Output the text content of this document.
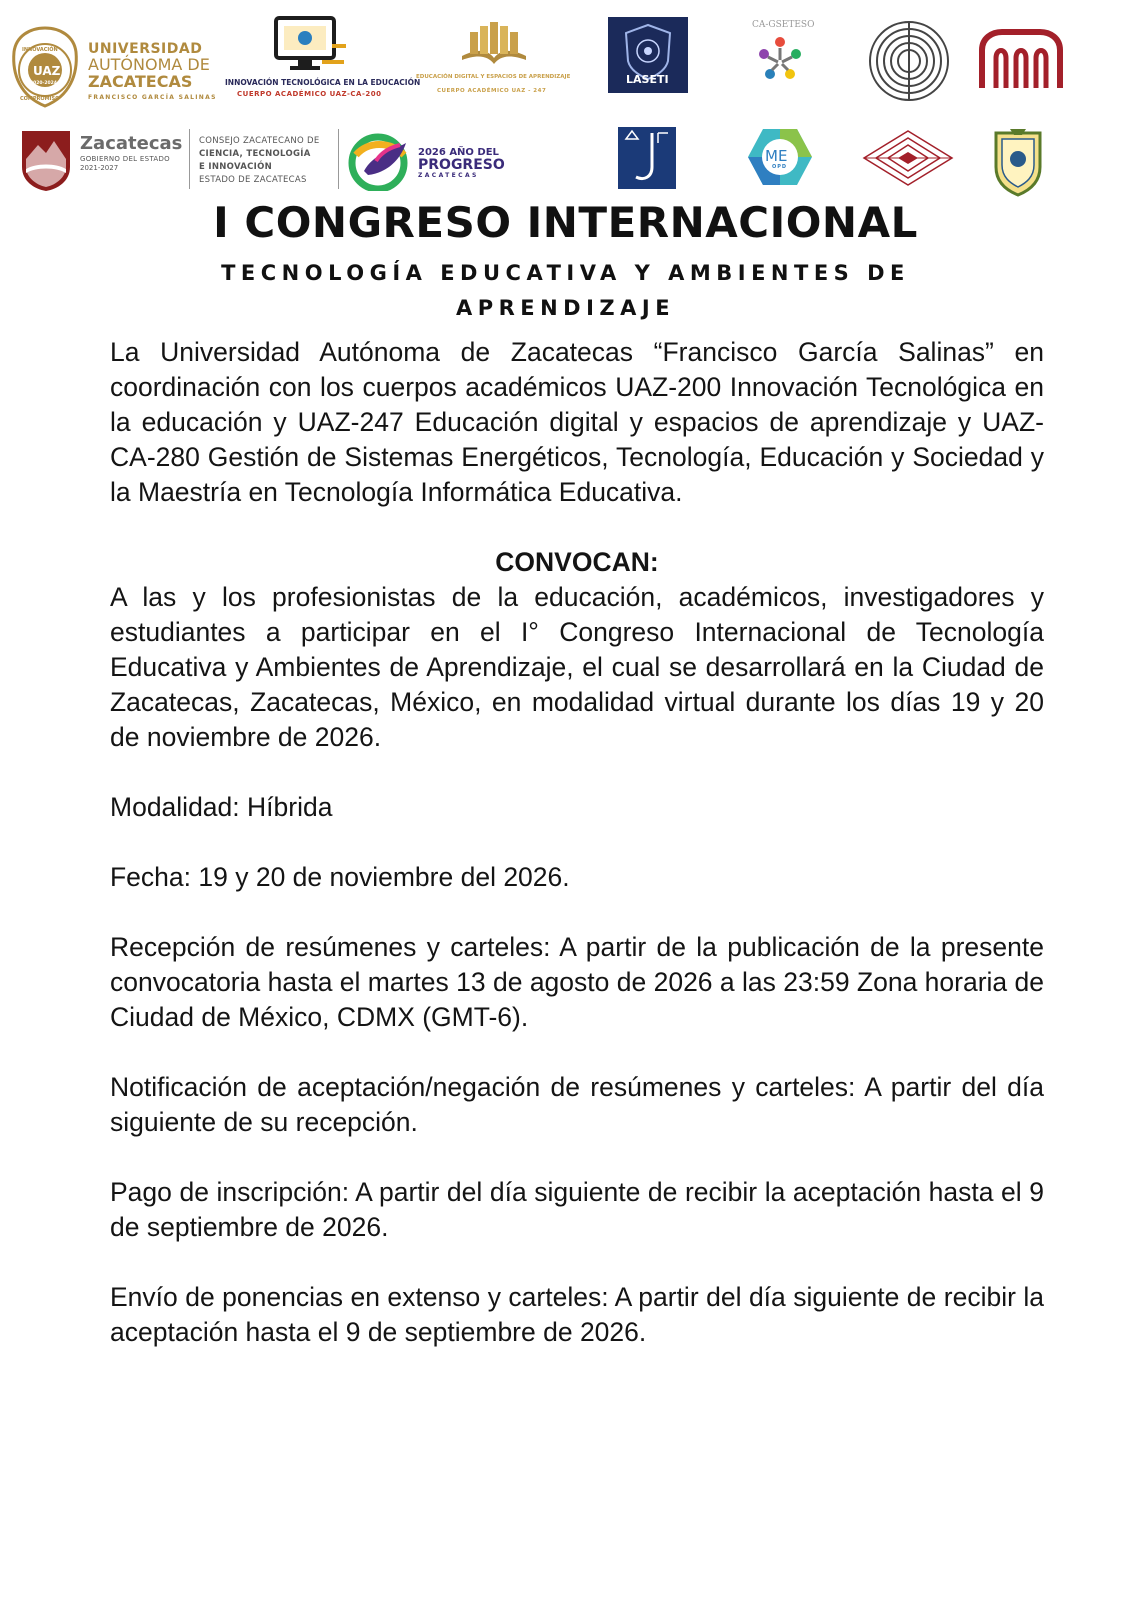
INNOVACIÓN
UAZ
2020-2024
COMPROMISO
UNIVERSIDAD
AUTÓNOMA DE
ZACATECAS
FRANCISCO GARCÍA SALINAS
INNOVACIÓN TECNOLÓGICA EN LA EDUCACIÓN
CUERPO ACADÉMICO UAZ-CA-200
EDUCACIÓN DIGITAL Y ESPACIOS DE APRENDIZAJE
CUERPO ACADÉMICO UAZ - 247
LASETI
CA-GSETESO
Zacatecas
GOBIERNO DEL ESTADO
2021-2027
CONSEJO ZACATECANO DE
CIENCIA, TECNOLOGÍA
E INNOVACIÓN
ESTADO DE ZACATECAS
2026 AÑO DEL
PROGRESO
ZACATECAS
ME
OPD
I CONGRESO INTERNACIONAL
TECNOLOGÍA EDUCATIVA Y AMBIENTES DE APRENDIZAJE

La Universidad Autónoma de Zacatecas “Francisco García Salinas” en coordinación con los cuerpos académicos UAZ-200 Innovación Tecnológica en la educación y UAZ-247 Educación digital y espacios de aprendizaje y UAZ-CA-280 Gestión de Sistemas Energéticos, Tecnología, Educación y Sociedad y la Maestría en Tecnología Informática Educativa.

CONVOCAN:

A las y los profesionistas de la educación, académicos, investigadores y estudiantes a participar en el I° Congreso Internacional de Tecnología Educativa y Ambientes de Aprendizaje, el cual se desarrollará en la Ciudad de Zacatecas, Zacatecas, México, en modalidad virtual durante los días 19 y 20 de noviembre de 2026.

Modalidad: Híbrida

Fecha: 19 y 20 de noviembre del 2026.

Recepción de resúmenes y carteles: A partir de la publicación de la presente convocatoria hasta el martes 13 de agosto de 2026 a las 23:59 Zona horaria de Ciudad de México, CDMX (GMT-6).

Notificación de aceptación/negación de resúmenes y carteles: A partir del día siguiente de su recepción.

Pago de inscripción: A partir del día siguiente de recibir la aceptación hasta el 9 de septiembre de 2026.

Envío de ponencias en extenso y carteles: A partir del día siguiente de recibir la aceptación hasta el 9 de septiembre de 2026.
